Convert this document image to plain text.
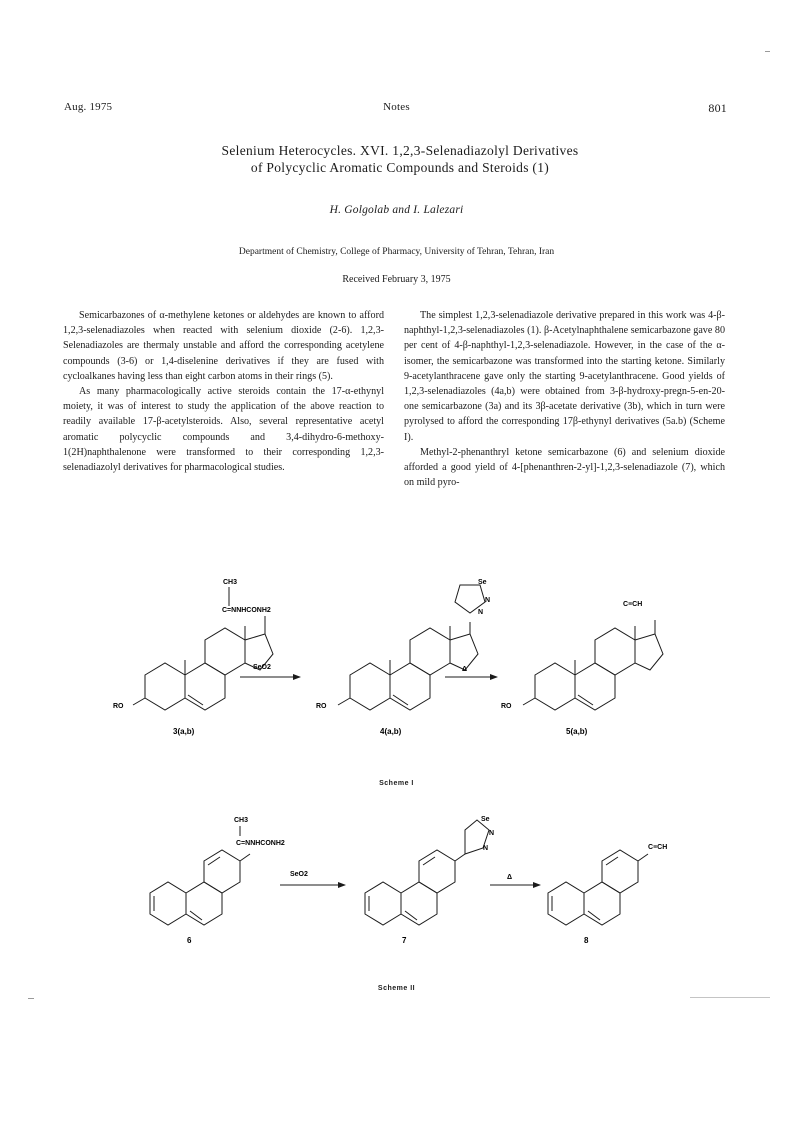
Aug. 1975	Notes	801
Selenium Heterocycles. XVI. 1,2,3-Selenadiazolyl Derivatives
of Polycyclic Aromatic Compounds and Steroids (1)
H. Golgolab and I. Lalezari
Department of Chemistry, College of Pharmacy, University of Tehran, Tehran, Iran
Received February 3, 1975

Semicarbazones of α-methylene ketones or aldehydes are known to afford 1,2,3-selenadiazoles when reacted with selenium dioxide (2-6). 1,2,3-Selenadiazoles are thermaly unstable and afford the corresponding acetylene compounds (3-6) or 1,4-diselenine derivatives if they are fused with cycloalkanes having less than eight carbon atoms in their rings (5).

As many pharmacologically active steroids contain the 17-α-ethynyl moiety, it was of interest to study the application of the above reaction to readily available 17-β-acetylsteroids. Also, several representative acetyl aromatic polycyclic compounds and 3,4-dihydro-6-methoxy-1(2H)naphthalenone were transformed to their corresponding 1,2,3-selenadiazolyl derivatives for pharmacological studies.

The simplest 1,2,3-selenadiazole derivative prepared in this work was 4-β-naphthyl-1,2,3-selenadiazoles (1). β-Acetylnaphthalene semicarbazone gave 80 per cent of 4-β-naphthyl-1,2,3-selenadiazole. However, in the case of the α-isomer, the semicarbazone was transformed into the starting ketone. Similarly 9-acetylanthracene gave only the starting 9-acetylanthracene. Good yields of 1,2,3-selenadiazoles (4a,b) were obtained from 3-β-hydroxy-pregn-5-en-20-one semicarbazone (3a) and its 3β-acetate derivative (3b), which in turn were pyrolysed to afford the corresponding 17β-ethynyl derivatives (5a.b) (Scheme I).

Methyl-2-phenanthryl ketone semicarbazone (6) and selenium dioxide afforded a good yield of 4-[phenanthren-2-yl]-1,2,3-selenadiazole (7), which on mild pyro-

RO
CH3
C=NNHCONH2
3(a,b)
SeO2
Se
N
N
RO
4(a,b)
Δ
C≡CH
RO
5(a,b)
Scheme I
CH3
C=NNHCONH2
6
SeO2
Se
N
N
7
Δ
C≡CH
8
Scheme II
